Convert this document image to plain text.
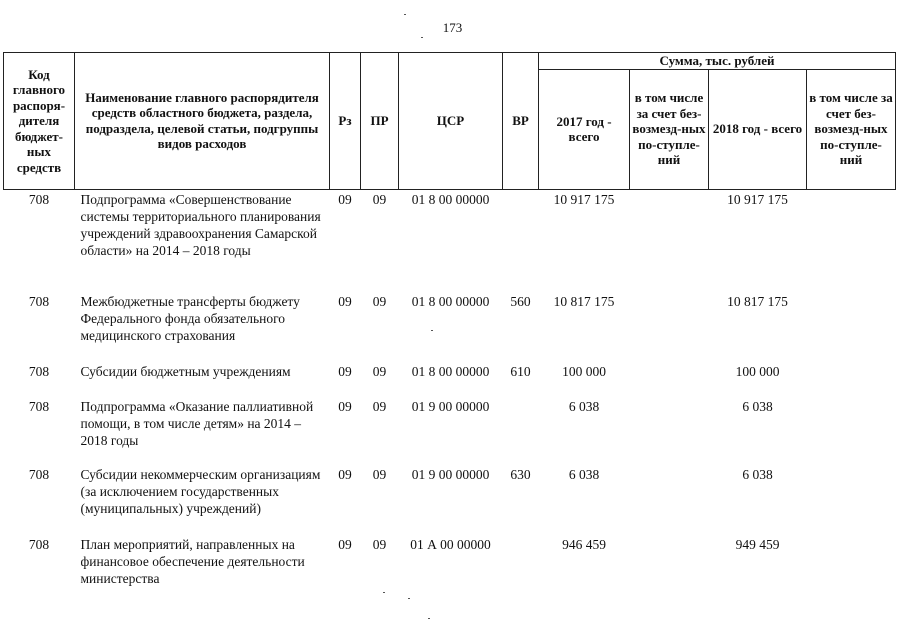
173
Код главного распоря-дителя бюджет-ных средств	Наименование главного распорядителя средств областного бюджета, раздела, подраздела, целевой статьи, подгруппы видов расходов	Рз	ПР	ЦСР	ВР	Сумма, тыс. рублей			
						2017 год - всего	в том числе за счет без-возмезд-ных по-ступле-ний	2018 год - всего	в том числе за счет без-возмезд-ных по-ступле-ний
708	Подпрограмма «Совершенствование системы территориального планирования учреждений здравоохранения Самарской области» на 2014 – 2018 годы	09	09	01 8 00 00000		10 917 175		10 917 175	
708	Межбюджетные трансферты бюджету Федерального фонда обязательного медицинского страхования	09	09	01 8 00 00000	560	10 817 175		10 817 175	
708	Субсидии бюджетным учреждениям	09	09	01 8 00 00000	610	100 000		100 000	
708	Подпрограмма «Оказание паллиативной помощи, в том числе детям» на 2014 – 2018 годы	09	09	01 9 00 00000		6 038		6 038	
708	Субсидии некоммерческим организациям (за исключением государственных (муниципальных) учреждений)	09	09	01 9 00 00000	630	6 038		6 038	
708	План мероприятий, направленных на финансовое обеспечение деятельности министерства	09	09	01 А 00 00000		946 459		949 459	
